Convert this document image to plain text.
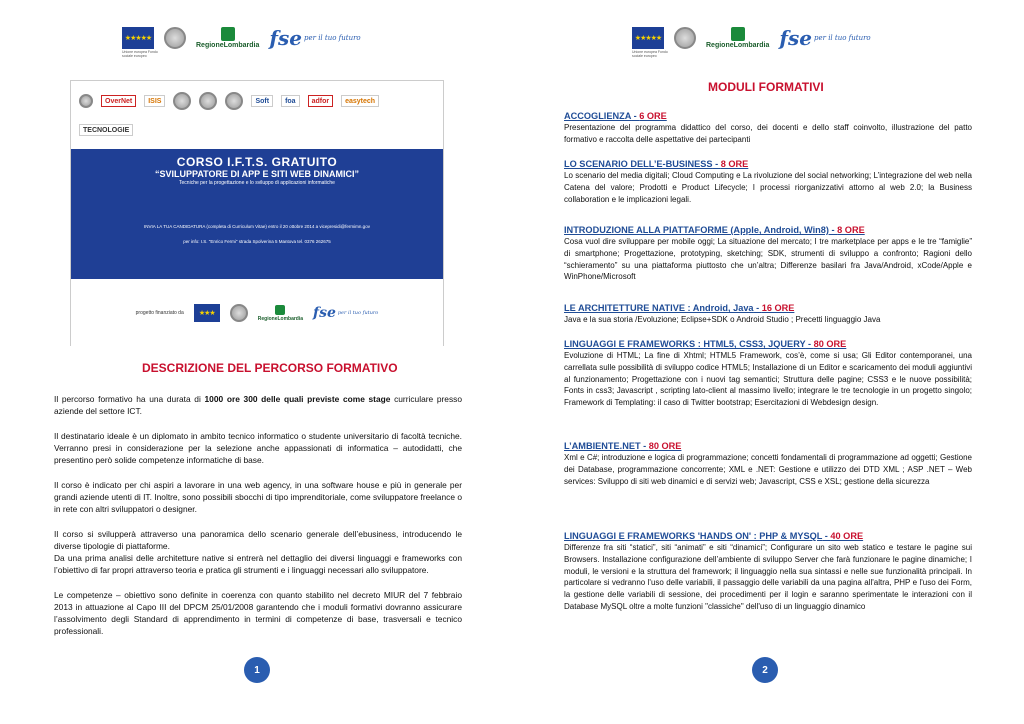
★★★★★
Unione europea Fondo sociale europeo
RegioneLombardia fse per il tuo futuro	★★★★★
Unione europea Fondo sociale europeo
RegioneLombardia fse per il tuo futuro
OverNet	ISIS	Soft	foa	adfor	easytech
TECNOLOGIE
CORSO I.F.T.S. GRATUITO
“SVILUPPATORE DI APP E SITI WEB DINAMICI”
Tecniche per la progettazione e lo sviluppo di applicazioni informatiche
INVIA LA TUA CANDIDATURA (completa di Curriculum Vitae) entro il 20 ottobre 2014 a vicepresidi@fermimn.gov
per info: I.S. "Enrico Fermi" strada Spolverina 5 Mantova tel. 0376 262675
progetto finanziato da ★★★
RegioneLombardia fse per il tuo futuro
DESCRIZIONE DEL PERCORSO FORMATIVO
Il percorso formativo ha una durata di 1000 ore 300 delle quali previste come stage curriculare presso aziende del settore ICT.
Il destinatario ideale è un diplomato in ambito tecnico informatico o studente universitario di facoltà tecniche. Verranno presi in considerazione per la selezione anche appassionati di informatica – autodidatti, che presentino però solide competenze informatiche di base.
Il corso è indicato per chi aspiri a lavorare in una web agency, in una software house e più in generale per grandi aziende utenti di IT. Inoltre, sono possibili sbocchi di tipo imprenditoriale, come sviluppatore freelance o in rete con altri sviluppatori o designer.
Il corso si svilupperà attraverso una panoramica dello scenario generale dell’ebusiness, introducendo le diverse tipologie di piattaforme.
Da una prima analisi delle architetture native si entrerà nel dettaglio dei diversi linguaggi e frameworks con l’obiettivo di far propri attraverso teoria e pratica gli strumenti e i linguaggi necessari allo sviluppatore.
Le competenze – obiettivo sono definite in coerenza con quanto stabilito nel decreto MIUR del 7 febbraio 2013 in attuazione al Capo III del DPCM 25/01/2008 garantendo che i moduli formativi dovranno assicurare l’assolvimento degli Standard di apprendimento in termini di competenze di base, trasversali e tecnico professionali.
1
MODULI FORMATIVI
ACCOGLIENZA - 6 ORE
Presentazione del programma didattico del corso, dei docenti e dello staff coinvolto, illustrazione del patto formativo e raccolta delle aspettative dei partecipanti
LO SCENARIO DELL’E-BUSINESS - 8 ORE
Lo scenario del media digitali; Cloud Computing e La rivoluzione del social networking; L’integrazione del web nella Catena del valore; Prodotti e Product Lifecycle; I processi riorganizzativi attorno al web 2.0; la Business collaboration e le implicazioni legali.
INTRODUZIONE ALLA PIATTAFORME (Apple, Android, Win8) - 8 ORE
Cosa vuol dire sviluppare per mobile oggi; La situazione del mercato; I tre marketplace per apps e le tre “famiglie” di smartphone; Progettazione, prototyping, sketching; SDK, strumenti di sviluppo a confronto; Ragioni dello “schieramento” su una piattaforma piuttosto che un’altra; Differenze basilari fra Java/Android, xCode/Apple e WinPhone/Microsoft
LE ARCHITETTURE NATIVE : Android, Java - 16 ORE
Java e la sua storia /Evoluzione; Eclipse+SDK o Android Studio ; Precetti linguaggio Java
LINGUAGGI E FRAMEWORKS : HTML5, CSS3, JQUERY - 80 ORE
Evoluzione di HTML; La fine di Xhtml; HTML5 Framework, cos’è, come si usa; Gli Editor contemporanei, una carrellata sulle possibilità di sviluppo codice HTML5; Installazione di un Editor e scaricamento dei moduli aggiuntivi al funzionamento; Progettazione con i nuovi tag semantici; Struttura delle pagine; CSS3 e le nuove possibilità; Fonts in css3; Javascript , scripting lato-client al massimo livello; integrare le tre tecnologie in un progetto singolo; Framework di Templating: il caso di Twitter bootstrap; Esercitazioni di Webdesign design.
L’AMBIENTE.NET - 80 ORE
Xml e C#; introduzione e logica di programmazione; concetti fondamentali di programmazione ad oggetti; Gestione dei Database, programmazione concorrente; XML e .NET: Gestione e utilizzo dei DTD XML ; ASP .NET – Web services: Sviluppo di siti web dinamici e di servizi web; Javascript, CSS e XSL; gestione della sicurezza
LINGUAGGI E FRAMEWORKS 'HANDS ON' : PHP & MYSQL - 40 ORE
Differenze fra siti “statici”, siti “animati” e siti “dinamici”; Configurare un sito web statico e testare le pagine sui Browsers. Installazione configurazione dell’ambiente di sviluppo Server che farà funzionare le pagine dinamiche; I moduli, le versioni e la struttura del framework; il linguaggio nella sua sintassi e nelle sue funzionalità principali. In particolare si vedranno l'uso delle variabili, il passaggio delle variabili da una pagina all'altra, PHP e l'uso dei Form, la gestione delle variabili di sessione, dei procedimenti per il login e saranno sperimentate le interazioni con il Database MySQL oltre a molte funzioni "classiche" dell'uso di un linguaggio dinamico
2
